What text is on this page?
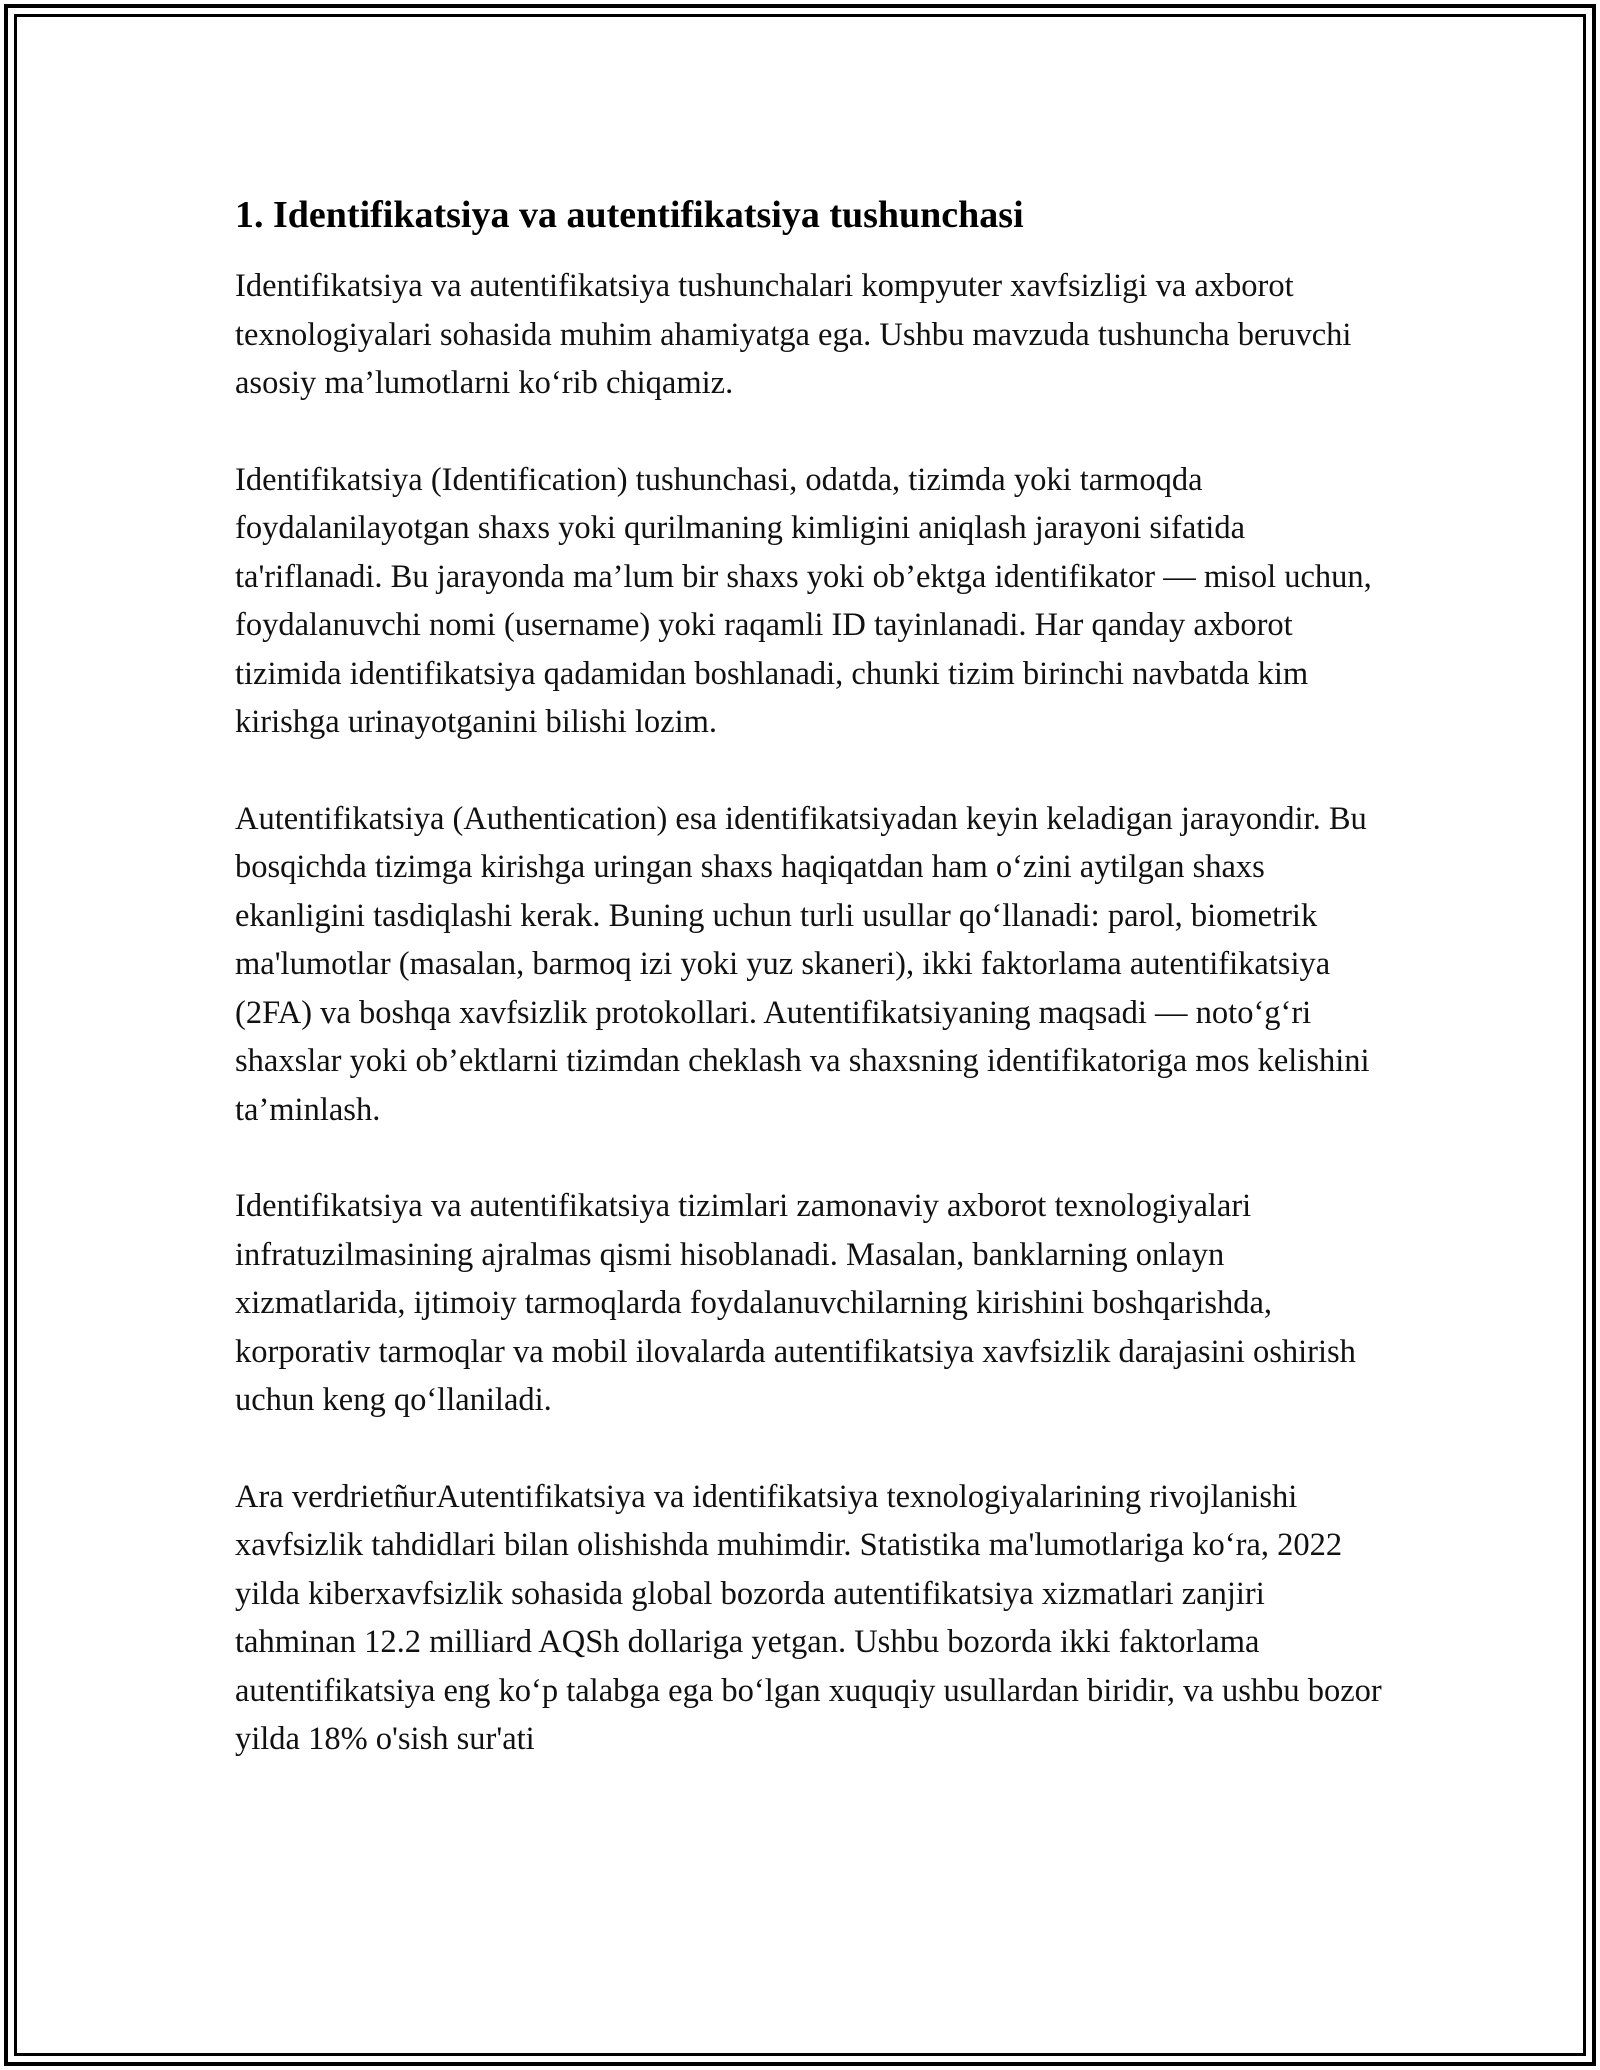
1. Identifikatsiya va autentifikatsiya tushunchasi

Identifikatsiya va autentifikatsiya tushunchalari kompyuter xavfsizligi va axborot texnologiyalari sohasida muhim ahamiyatga ega. Ushbu mavzuda tushuncha beruvchi asosiy ma’lumotlarni ko‘rib chiqamiz.

Identifikatsiya (Identification) tushunchasi, odatda, tizimda yoki tarmoqda foydalanilayotgan shaxs yoki qurilmaning kimligini aniqlash jarayoni sifatida ta'riflanadi. Bu jarayonda ma’lum bir shaxs yoki ob’ektga identifikator — misol uchun, foydalanuvchi nomi (username) yoki raqamli ID tayinlanadi. Har qanday axborot tizimida identifikatsiya qadamidan boshlanadi, chunki tizim birinchi navbatda kim kirishga urinayotganini bilishi lozim.

Autentifikatsiya (Authentication) esa identifikatsiyadan keyin keladigan jarayondir. Bu bosqichda tizimga kirishga uringan shaxs haqiqatdan ham o‘zini aytilgan shaxs ekanligini tasdiqlashi kerak. Buning uchun turli usullar qo‘llanadi: parol, biometrik ma'lumotlar (masalan, barmoq izi yoki yuz skaneri), ikki faktorlama autentifikatsiya (2FA) va boshqa xavfsizlik protokollari. Autentifikatsiyaning maqsadi — noto‘g‘ri shaxslar yoki ob’ektlarni tizimdan cheklash va shaxsning identifikatoriga mos kelishini ta’minlash.

Identifikatsiya va autentifikatsiya tizimlari zamonaviy axborot texnologiyalari infratuzilmasining ajralmas qismi hisoblanadi. Masalan, banklarning onlayn xizmatlarida, ijtimoiy tarmoqlarda foydalanuvchilarning kirishini boshqarishda, korporativ tarmoqlar va mobil ilovalarda autentifikatsiya xavfsizlik darajasini oshirish uchun keng qo‘llaniladi.

Ara verdrietñurAutentifikatsiya va identifikatsiya texnologiyalarining rivojlanishi xavfsizlik tahdidlari bilan olishishda muhimdir. Statistika ma'lumotlariga ko‘ra, 2022 yilda kiberxavfsizlik sohasida global bozorda autentifikatsiya xizmatlari zanjiri tahminan 12.2 milliard AQSh dollariga yetgan. Ushbu bozorda ikki faktorlama autentifikatsiya eng ko‘p talabga ega bo‘lgan xuquqiy usullardan biridir, va ushbu bozor yilda 18% o'sish sur'ati
